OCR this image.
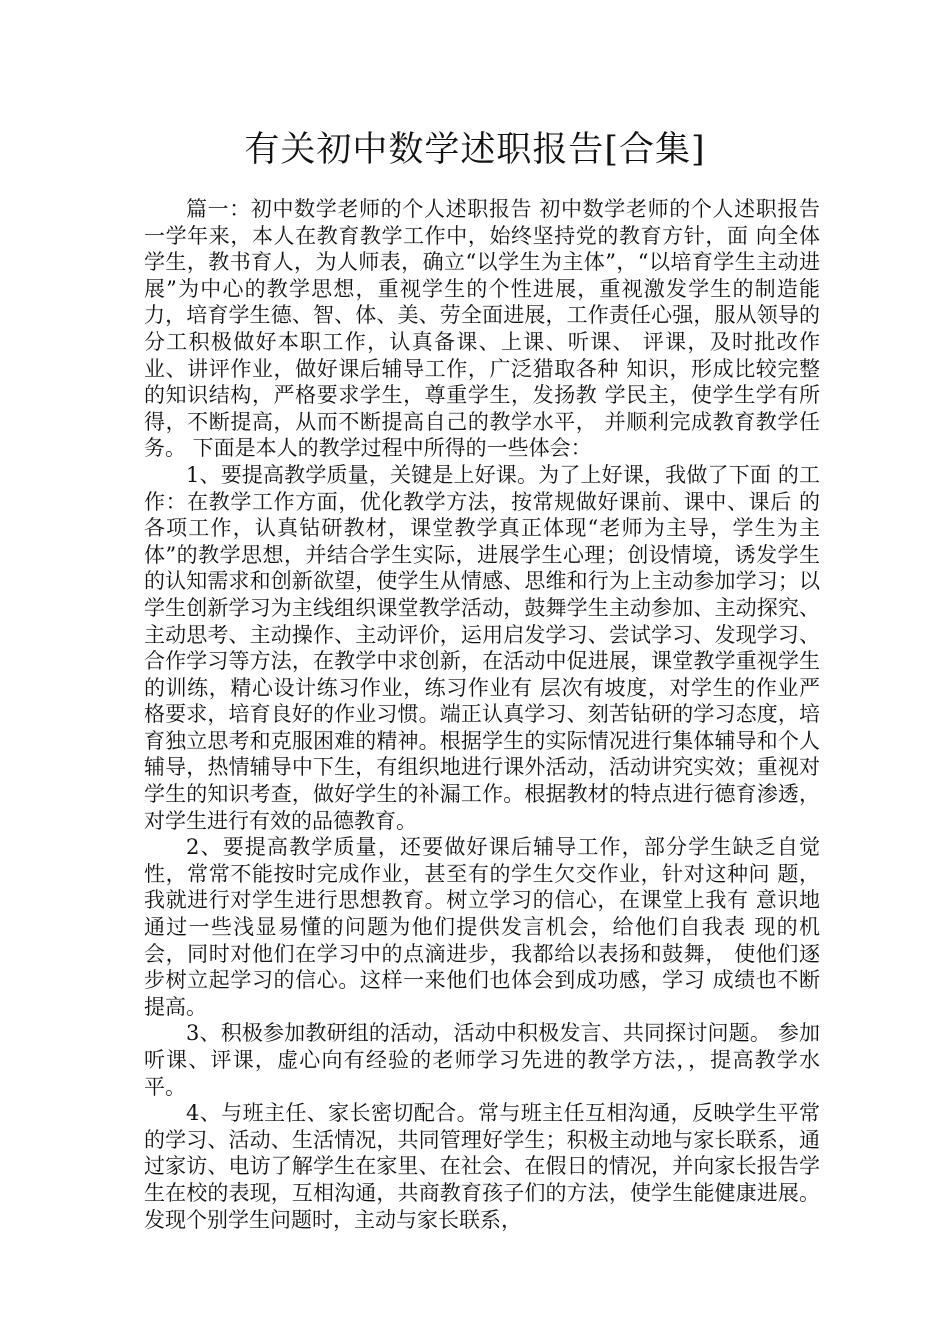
有关初中数学述职报告[合集]

篇一：初中数学老师的个人述职报告 初中数学老师的个人述职报告 一学年来，本人在教育教学工作中，始终坚持党的教育方针，面 向全体学生，教书育人，为人师表，确立“以学生为主体”，“以培育学生主动进展”为中心的教学思想，重视学生的个性进展，重视激发学生的制造能力，培育学生德、智、体、美、劳全面进展，工作责任心强，服从领导的分工积极做好本职工作，认真备课、上课、听课、 评课，及时批改作业、讲评作业，做好课后辅导工作，广泛猎取各种 知识，形成比较完整的知识结构，严格要求学生，尊重学生，发扬教 学民主，使学生学有所得，不断提高，从而不断提高自己的教学水平， 并顺利完成教育教学任务。 下面是本人的教学过程中所得的一些体会：

1、要提高教学质量，关键是上好课。为了上好课，我做了下面 的工作：在教学工作方面，优化教学方法，按常规做好课前、课中、课后 的各项工作，认真钻研教材，课堂教学真正体现“老师为主导，学生为主体”的教学思想，并结合学生实际，进展学生心理；创设情境，诱发学生的认知需求和创新欲望，使学生从情感、思维和行为上主动参加学习；以学生创新学习为主线组织课堂教学活动，鼓舞学生主动参加、主动探究、主动思考、主动操作、主动评价，运用启发学习、尝试学习、发现学习、合作学习等方法，在教学中求创新，在活动中促进展，课堂教学重视学生的训练，精心设计练习作业，练习作业有 层次有坡度，对学生的作业严格要求，培育良好的作业习惯。端正认真学习、刻苦钻研的学习态度，培育独立思考和克服困难的精神。根据学生的实际情况进行集体辅导和个人辅导，热情辅导中下生，有组织地进行课外活动，活动讲究实效；重视对学生的知识考查，做好学生的补漏工作。根据教材的特点进行德育渗透，对学生进行有效的品德教育。

2、要提高教学质量，还要做好课后辅导工作，部分学生缺乏自觉性，常常不能按时完成作业，甚至有的学生欠交作业，针对这种问 题，我就进行对学生进行思想教育。树立学习的信心，在课堂上我有 意识地通过一些浅显易懂的问题为他们提供发言机会，给他们自我表 现的机会，同时对他们在学习中的点滴进步，我都给以表扬和鼓舞， 使他们逐步树立起学习的信心。这样一来他们也体会到成功感，学习 成绩也不断提高。

3、积极参加教研组的活动，活动中积极发言、共同探讨问题。 参加听课、评课，虚心向有经验的老师学习先进的教学方法，，提高教学水平。

4、与班主任、家长密切配合。常与班主任互相沟通，反映学生平常的学习、活动、生活情况，共同管理好学生；积极主动地与家长联系，通过家访、电访了解学生在家里、在社会、在假日的情况，并向家长报告学生在校的表现，互相沟通，共商教育孩子们的方法，使学生能健康进展。发现个别学生问题时，主动与家长联系，
